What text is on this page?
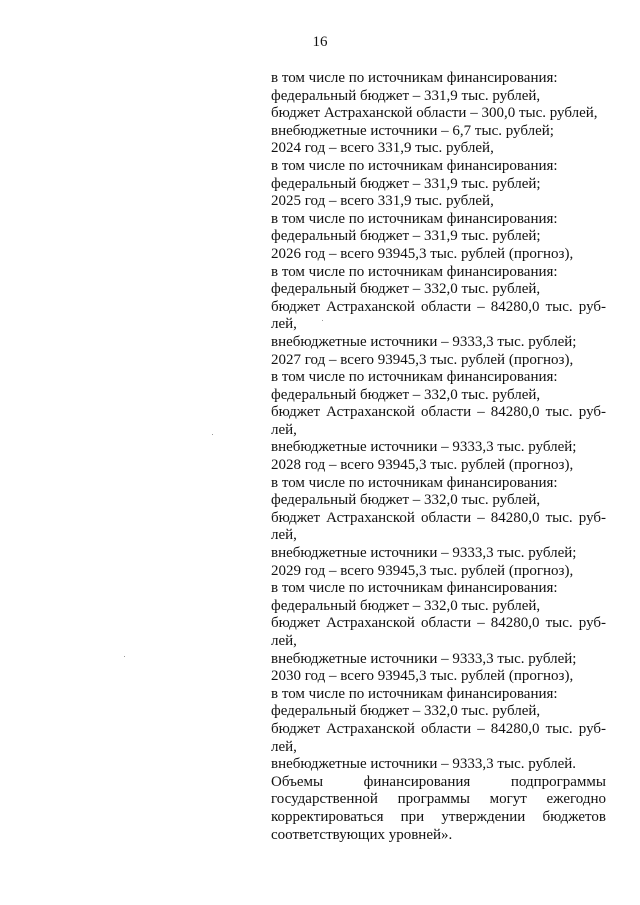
16
в том числе по источникам финансирования:
федеральный бюджет – 331,9 тыс. рублей,
бюджет Астраханской области – 300,0 тыс. рублей,
внебюджетные источники – 6,7 тыс. рублей;
2024 год – всего 331,9 тыс. рублей,
в том числе по источникам финансирования:
федеральный бюджет – 331,9 тыс. рублей;
2025 год – всего 331,9 тыс. рублей,
в том числе по источникам финансирования:
федеральный бюджет – 331,9 тыс. рублей;
2026 год – всего 93945,3 тыс. рублей (прогноз),
в том числе по источникам финансирования:
федеральный бюджет – 332,0 тыс. рублей,
бюджет Астраханской области – 84280,0 тыс. руб-
лей,
внебюджетные источники – 9333,3 тыс. рублей;
2027 год – всего 93945,3 тыс. рублей (прогноз),
в том числе по источникам финансирования:
федеральный бюджет – 332,0 тыс. рублей,
бюджет Астраханской области – 84280,0 тыс. руб-
лей,
внебюджетные источники – 9333,3 тыс. рублей;
2028 год – всего 93945,3 тыс. рублей (прогноз),
в том числе по источникам финансирования:
федеральный бюджет – 332,0 тыс. рублей,
бюджет Астраханской области – 84280,0 тыс. руб-
лей,
внебюджетные источники – 9333,3 тыс. рублей;
2029 год – всего 93945,3 тыс. рублей (прогноз),
в том числе по источникам финансирования:
федеральный бюджет – 332,0 тыс. рублей,
бюджет Астраханской области – 84280,0 тыс. руб-
лей,
внебюджетные источники – 9333,3 тыс. рублей;
2030 год – всего 93945,3 тыс. рублей (прогноз),
в том числе по источникам финансирования:
федеральный бюджет – 332,0 тыс. рублей,
бюджет Астраханской области – 84280,0 тыс. руб-
лей,
внебюджетные источники – 9333,3 тыс. рублей.
Объемы финансирования подпрограммы
государственной программы могут ежегодно
корректироваться при утверждении бюджетов
соответствующих уровней».
